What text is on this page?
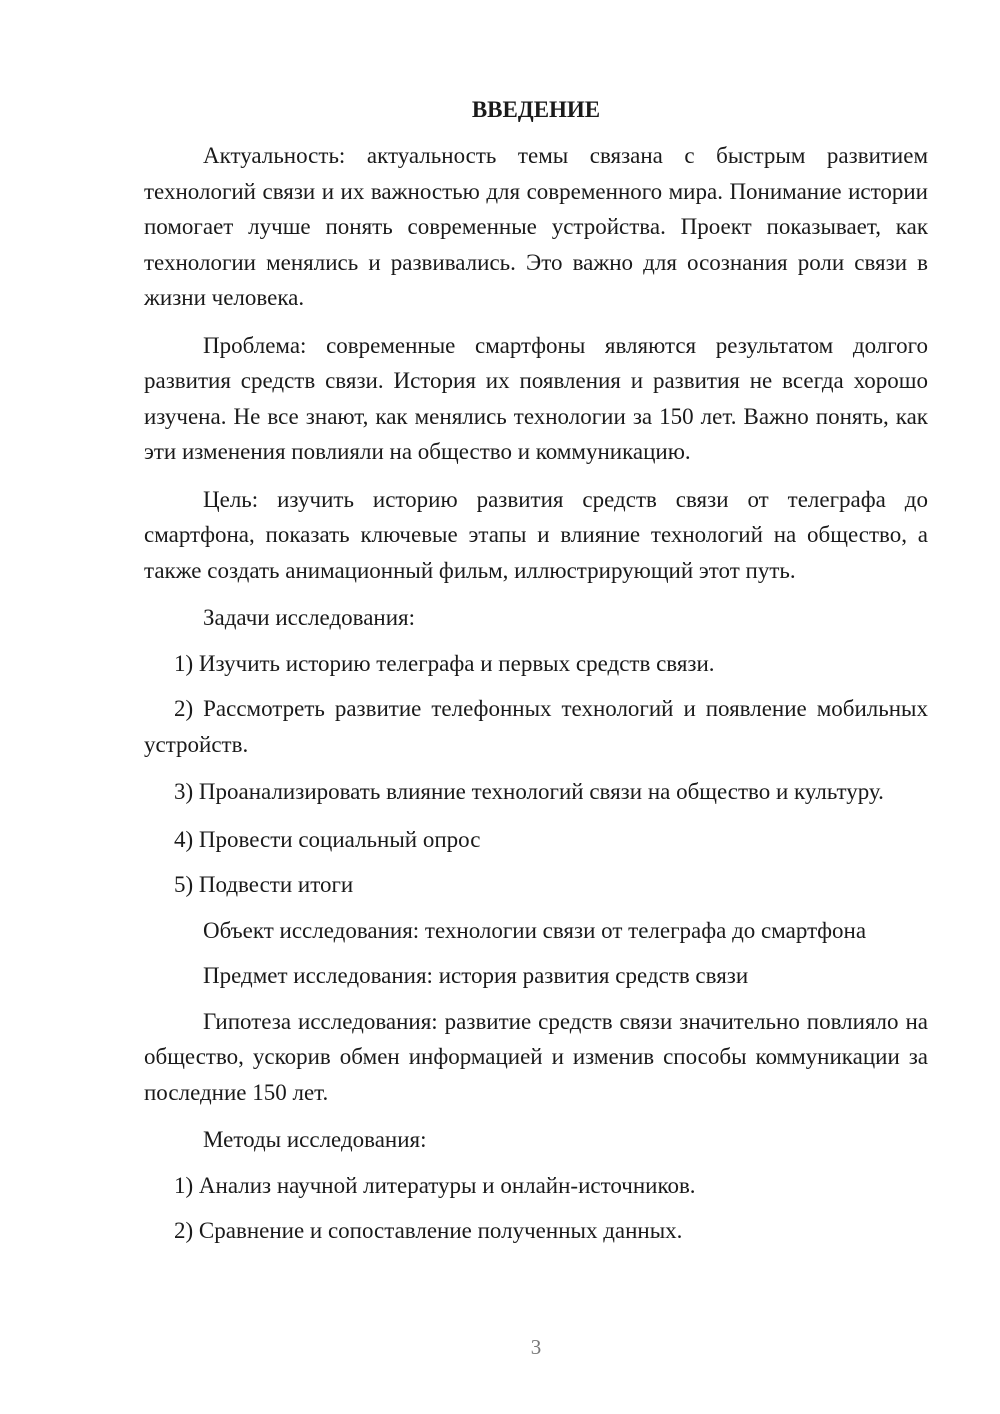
ВВЕДЕНИЕ

Актуальность: актуальность темы связана с быстрым развитием технологий связи и их важностью для современного мира. Понимание истории помогает лучше понять современные устройства. Проект показывает, как технологии менялись и развивались. Это важно для осознания роли связи в жизни человека.

Проблема: современные смартфоны являются результатом долгого развития средств связи. История их появления и развития не всегда хорошо изучена. Не все знают, как менялись технологии за 150 лет. Важно понять, как эти изменения повлияли на общество и коммуникацию.

Цель: изучить историю развития средств связи от телеграфа до смартфона, показать ключевые этапы и влияние технологий на общество, а также создать анимационный фильм, иллюстрирующий этот путь.

Задачи исследования:

1) Изучить историю телеграфа и первых средств связи.

2) Рассмотреть развитие телефонных технологий и появление мобильных устройств.

3) Проанализировать влияние технологий связи на общество и культуру.

4) Провести социальный опрос

5) Подвести итоги

Объект исследования: технологии связи от телеграфа до смартфона

Предмет исследования: история развития средств связи

Гипотеза исследования: развитие средств связи значительно повлияло на общество, ускорив обмен информацией и изменив способы коммуникации за последние 150 лет.

Методы исследования:

1) Анализ научной литературы и онлайн-источников.

2) Сравнение и сопоставление полученных данных.

3
